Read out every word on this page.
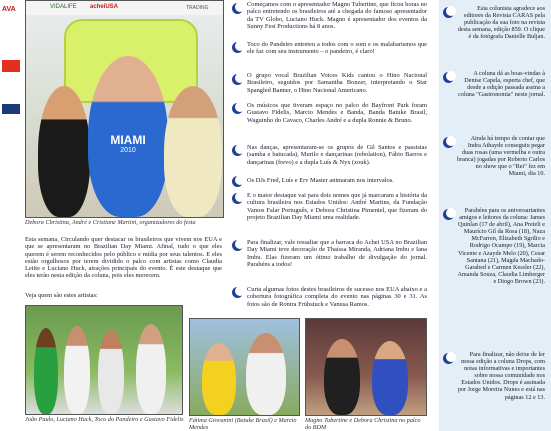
acheiUSA
VIDALIFE	TRADING
MIAMI
2010
Debora Christina, André e Cristiane Martini, organizadores do festa
AVA

Esta semana, Circulando quer destacar os brasileiros que vivem nos EUA e que se apresentaram no Brazilian Day Miami. Afinal, tudo o que eles querem é serem reconhecidos pelo público e mídia por seus talentos. E eles estão orgulhosos por terem dividido o palco com artistas como Claudia Leitte e Luciano Huck, atrações principais do evento. É este destaque que eles terão nesta edição da coluna, pois eles merecem.

Veja quem são estes artistas:

João Paulo, Luciano Huck, Toco do Pandeiro e Gustavo Fidelis Fátima Giovanini (Batuke Brasil) e Marcio Mendes
Magno Tubertine e Debora Christina no palco do BDM

Começamos com o apresentador Magno Tubertine, que ficou horas no palco entretendo os brasileiros até a chegada do famoso apresentador da TV Globo, Luciano Huck. Magno é apresentador dos eventos da Sunny Fest Productions há 8 anos.

Toco do Pandeiro entreteu a todos com o som e os malabarismos que ele faz com seu instrumento – o pandeiro, é claro!

O grupo vocal Brazilian Voices Kids cantou o Hino Nacional Brasileiro, seguidos por Samantha Bonzer, interpretando o Star Spangled Banner, o Hino Nacional Americano.

Os músicos que tiveram espaço no palco do Bayfront Park foram Gustavo Fidelis, Marcio Mendes e Banda, Banda Batuke Brasil, Waguinho do Cavaco, Charles André e a dupla Ronnie & Bruno.

Nas danças, apresentaram-se os grupos de Gil Santos e passistas (samba e batucada), Murilo e dançarinas (rebolation), Fábio Barros e dançarinas (frevo) e a dupla Luís & Nyx (zouk).

Os DJs Fred, Luís e Erv Master animaram nos intervalos.

E o maior destaque vai para dois nomes que já marcaram a história da cultura brasileira nos Estados Unidos: André Martins, da Fundação Vamos Falar Português, e Debora Christina Pimentel, que fizeram do projeto Brazilian Day Miami uma realidade.

Para finalizar, vale ressaltar que a barraca do Achei USA no Brazilian Day Miami teve decoração de Thaíssa Miranda, Adriana Imbu e Iana Imbu. Elas fizeram um ótimo trabalho de divulgação do jornal. Parabéns a todos!

Curta algumas fotos destes brasileiros de sucesso nos EUA abaixo e a cobertura fotográfica completa do evento nas páginas 30 e 31. As fotos são de Ronira Frühstuck e Vanusa Ramos.

Esta colunista agradece aos editores da Revista CARAS pela publicação da sua foto na revista desta semana, edição 859. O clique é da fotógrafa Danielle Buljan.

A coluna dá as boas-vindas à Denise Capela, esperta chef, que desde a edição passada assina a coluna "Gastronomia" neste jornal.

Ainda há tempo de contar que Indra Athayde conseguiu pegar duas rosas (uma vermelha e outra branca) jogadas por Roberto Carlos no show que o "Rei" fez em Miami, dia 10.

Parabéns para os aniversariantes amigos e leitores da coluna: James Quinlan (17 de abril), Ana Preteli e Maurício Gil da Rosa (18), Naza McFarren, Elizabeth Sgrilio e Rodrigo Ocampo (19), Marcia Vicente e Azayde Melo (20), Cesar Santana (21), Magda Machado-Garabed e Carmen Kessler (22), Amanda Souza, Claudia Limberger e Diogo Brown (23).

Para finalizar, não deixe de ler nessa edição a coluna Drops, com notas informativas e importantes sobre nossa comunidade nos Estados Unidos. Drops é assinada por Jorge Moreira Nunes e está nas páginas 12 e 13.
